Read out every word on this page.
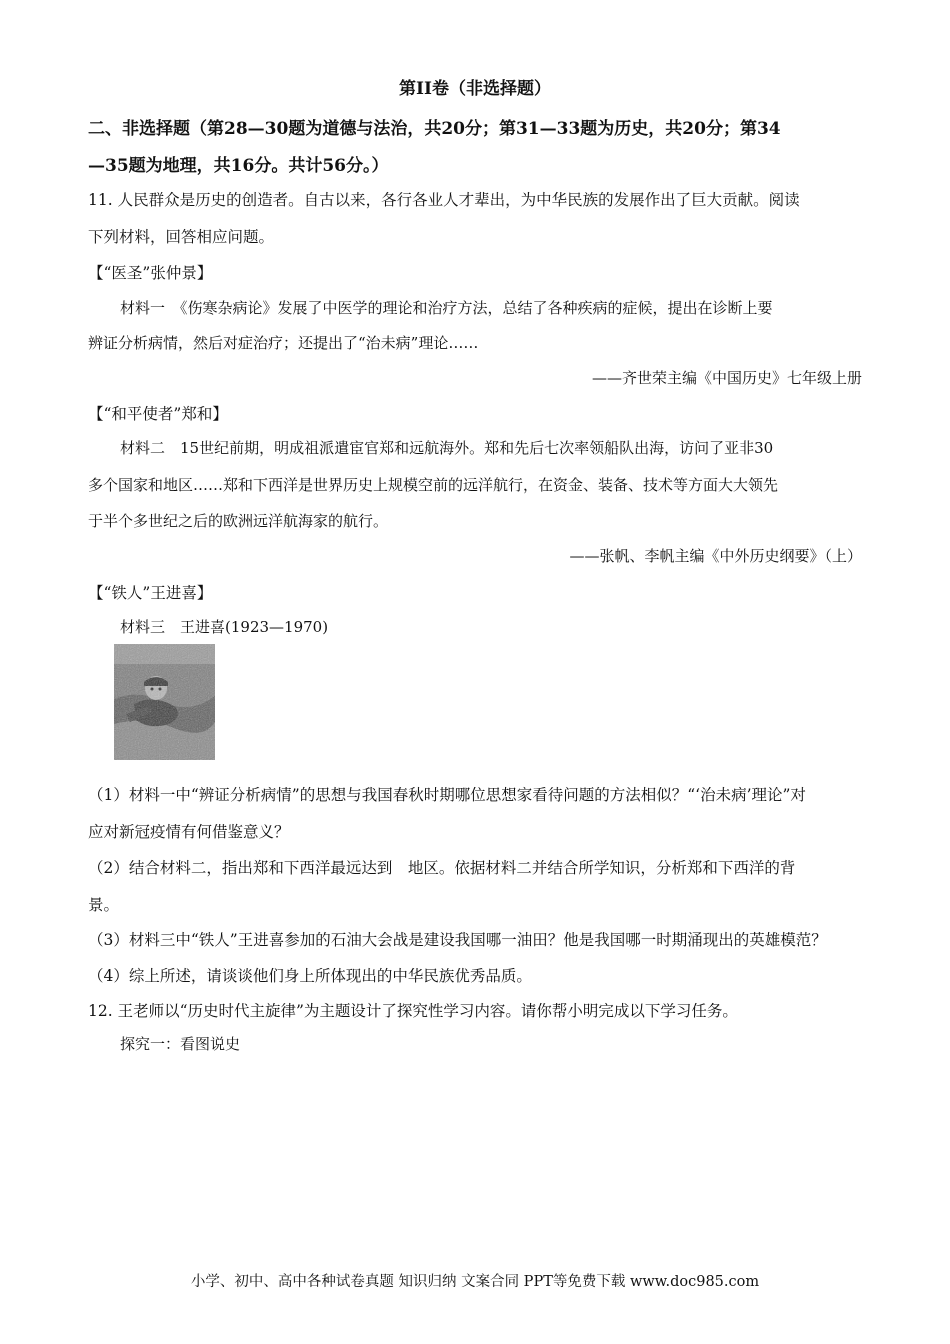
第II卷（非选择题）
二、非选择题（第28—30题为道德与法治，共20分；第31—33题为历史，共20分；第34
—35题为地理，共16分。共计56分。）
11. 人民群众是历史的创造者。自古以来，各行各业人才辈出，为中华民族的发展作出了巨大贡献。阅读
下列材料，回答相应问题。
【“医圣”张仲景】
材料一　《伤寒杂病论》发展了中医学的理论和治疗方法，总结了各种疾病的症候，提出在诊断上要
辨证分析病情，然后对症治疗；还提出了“治未病”理论……
——齐世荣主编《中国历史》七年级上册
【“和平使者”郑和】
材料二　15世纪前期，明成祖派遣宦官郑和远航海外。郑和先后七次率领船队出海，访问了亚非30
多个国家和地区……郑和下西洋是世界历史上规模空前的远洋航行，在资金、装备、技术等方面大大领先
于半个多世纪之后的欧洲远洋航海家的航行。
——张帆、李帆主编《中外历史纲要》（上）
【“铁人”王进喜】
材料三　王进喜(1923—1970)
（1）材料一中“辨证分析病情”的思想与我国春秋时期哪位思想家看待问题的方法相似？“‘治未病’理论”对
应对新冠疫情有何借鉴意义？
（2）结合材料二，指出郑和下西洋最远达到　地区。依据材料二并结合所学知识，分析郑和下西洋的背
景。
（3）材料三中“铁人”王进喜参加的石油大会战是建设我国哪一油田？他是我国哪一时期涌现出的英雄模范？
（4）综上所述，请谈谈他们身上所体现出的中华民族优秀品质。
12. 王老师以“历史时代主旋律”为主题设计了探究性学习内容。请你帮小明完成以下学习任务。
探究一：看图说史
小学、初中、高中各种试卷真题 知识归纳 文案合同 PPT等免费下载 www.doc985.com
